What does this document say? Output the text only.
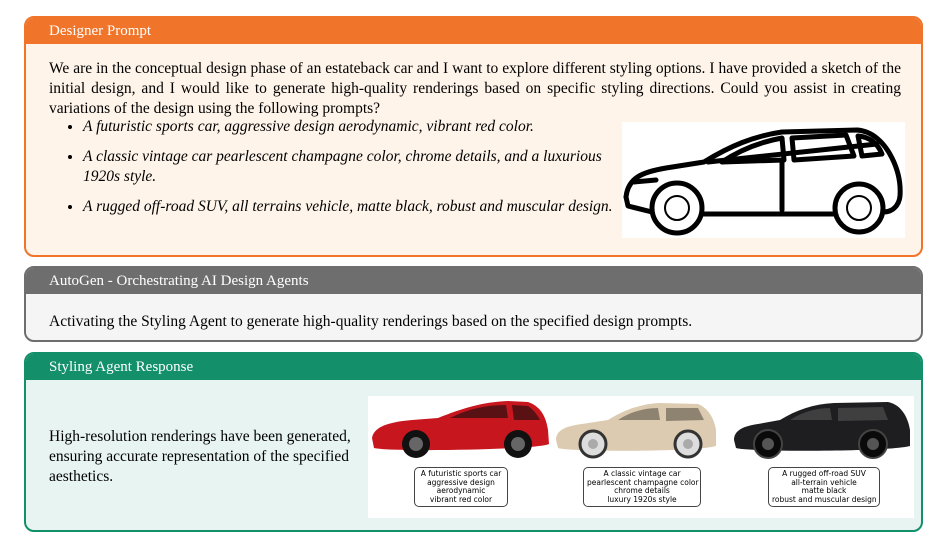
Designer Prompt
We are in the conceptual design phase of an estateback car and I want to explore different styling options. I have provided a sketch of the initial design, and I would like to generate high-quality renderings based on specific styling directions. Could you assist in creating variations of the design using the following prompts?
• A futuristic sports car, aggressive design aerodynamic, vibrant red color.
• A classic vintage car pearlescent champagne color, chrome details, and a luxurious 1920s style.
• A rugged off-road SUV, all terrains vehicle, matte black, robust and muscular design.
AutoGen - Orchestrating AI Design Agents
Activating the Styling Agent to generate high-quality renderings based on the specified design prompts.
Styling Agent Response
High-resolution renderings have been generated, ensuring accurate representation of the specified aesthetics.	A futuristic sports car
aggressive design
aerodynamic
vibrant red color
A classic vintage car
pearlescent champagne color
chrome details
luxury 1920s style
A rugged off-road SUV
all-terrain vehicle
matte black
robust and muscular design
